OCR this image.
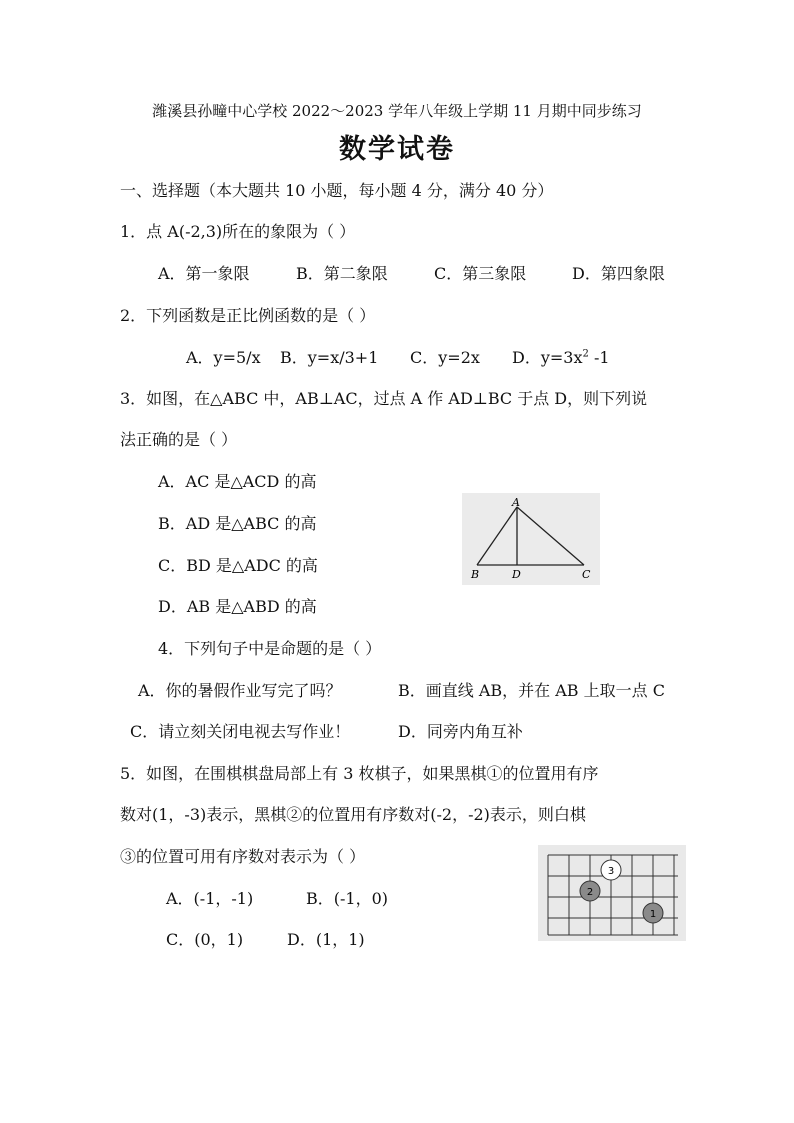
潍溪县孙疃中心学校 2022～2023 学年八年级上学期 11 月期中同步练习
数学试卷
一、选择题（本大题共 10 小题，每小题 4 分，满分 40 分）
1．点 A(-2,3)所在的象限为（ ）
A．第一象限	B．第二象限	C．第三象限	D．第四象限
2．下列函数是正比例函数的是（ ）
A．y=5/x B．y=x/3+1 C．y=2x D．$y=3x^2$ -1
3．如图，在△ABC 中，AB⊥AC，过点 A 作 AD⊥BC 于点 D，则下列说
法正确的是（ ）
A．AC 是△ACD 的高
B．AD 是△ABC 的高
C．BD 是△ADC 的高
D．AB 是△ABD 的高
A
B	D	C
4．下列句子中是命题的是（ ）
A．你的暑假作业写完了吗？	B．画直线 AB，并在 AB 上取一点 C
C．请立刻关闭电视去写作业！	D．同旁内角互补
5．如图，在围棋棋盘局部上有 3 枚棋子，如果黑棋①的位置用有序
数对(1，-3)表示，黑棋②的位置用有序数对(-2，-2)表示，则白棋
③的位置可用有序数对表示为（ ）
A．(-1，-1)	B．(-1，0)
C．(0，1)	D．(1，1)
3
2
1
